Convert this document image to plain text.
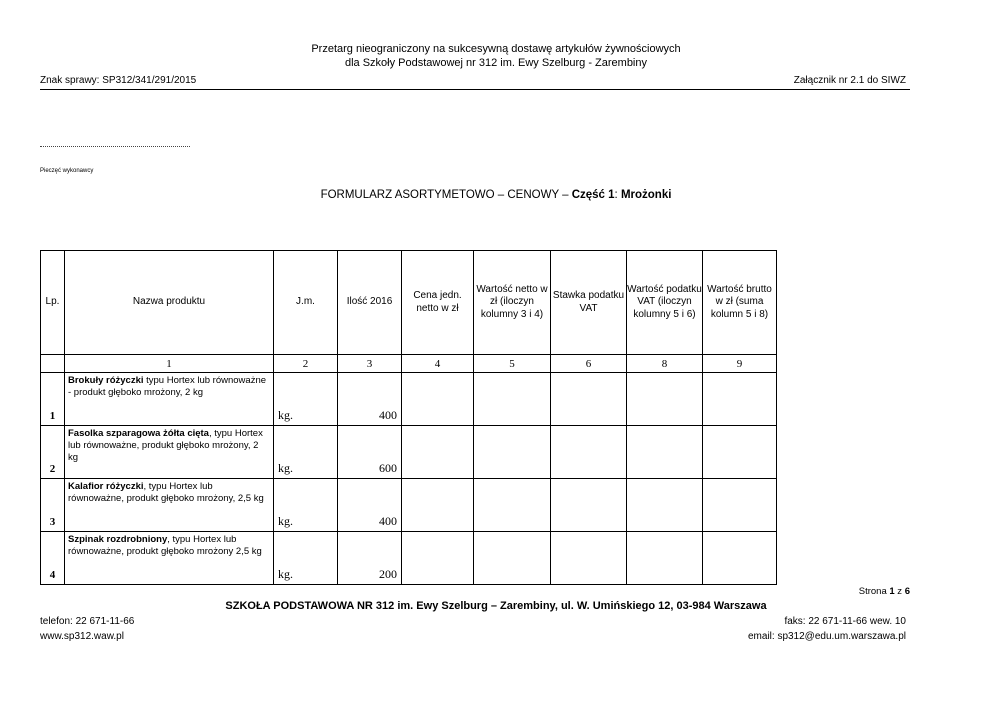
Przetarg nieograniczony na sukcesywną dostawę artykułów żywnościowych
dla Szkoły Podstawowej nr 312 im. Ewy Szelburg - Zarembiny
Znak sprawy: SP312/341/291/2015	Załącznik nr 2.1 do SIWZ
Pieczęć wykonawcy
FORMULARZ ASORTYMETOWO – CENOWY – Część 1: Mrożonki
Lp.	Nazwa produktu	J.m.	Ilość 2016	Cena jedn. netto w zł	Wartość netto w zł (iloczyn kolumny 3 i 4)	Stawka podatku VAT	Wartość podatku VAT (iloczyn kolumny 5 i 6)	Wartość brutto w zł (suma kolumn 5 i 8)
	1	2	3	4	5	6	8	9
1	Brokuły różyczki typu Hortex lub równoważne - produkt głęboko mrożony, 2 kg	kg.	400					
2	Fasolka szparagowa żółta cięta, typu Hortex lub równoważne, produkt głęboko mrożony, 2 kg	kg.	600					
3	Kalafior różyczki, typu Hortex lub równoważne, produkt głęboko mrożony, 2,5 kg	kg.	400					
4	Szpinak rozdrobniony, typu Hortex lub równoważne, produkt głęboko mrożony 2,5 kg	kg.	200					
Strona 1 z 6
SZKOŁA PODSTAWOWA NR 312 im. Ewy Szelburg – Zarembiny, ul. W. Umińskiego 12, 03-984 Warszawa
telefon: 22 671-11-66	faks: 22 671-11-66 wew. 10
www.sp312.waw.pl	email: sp312@edu.um.warszawa.pl
